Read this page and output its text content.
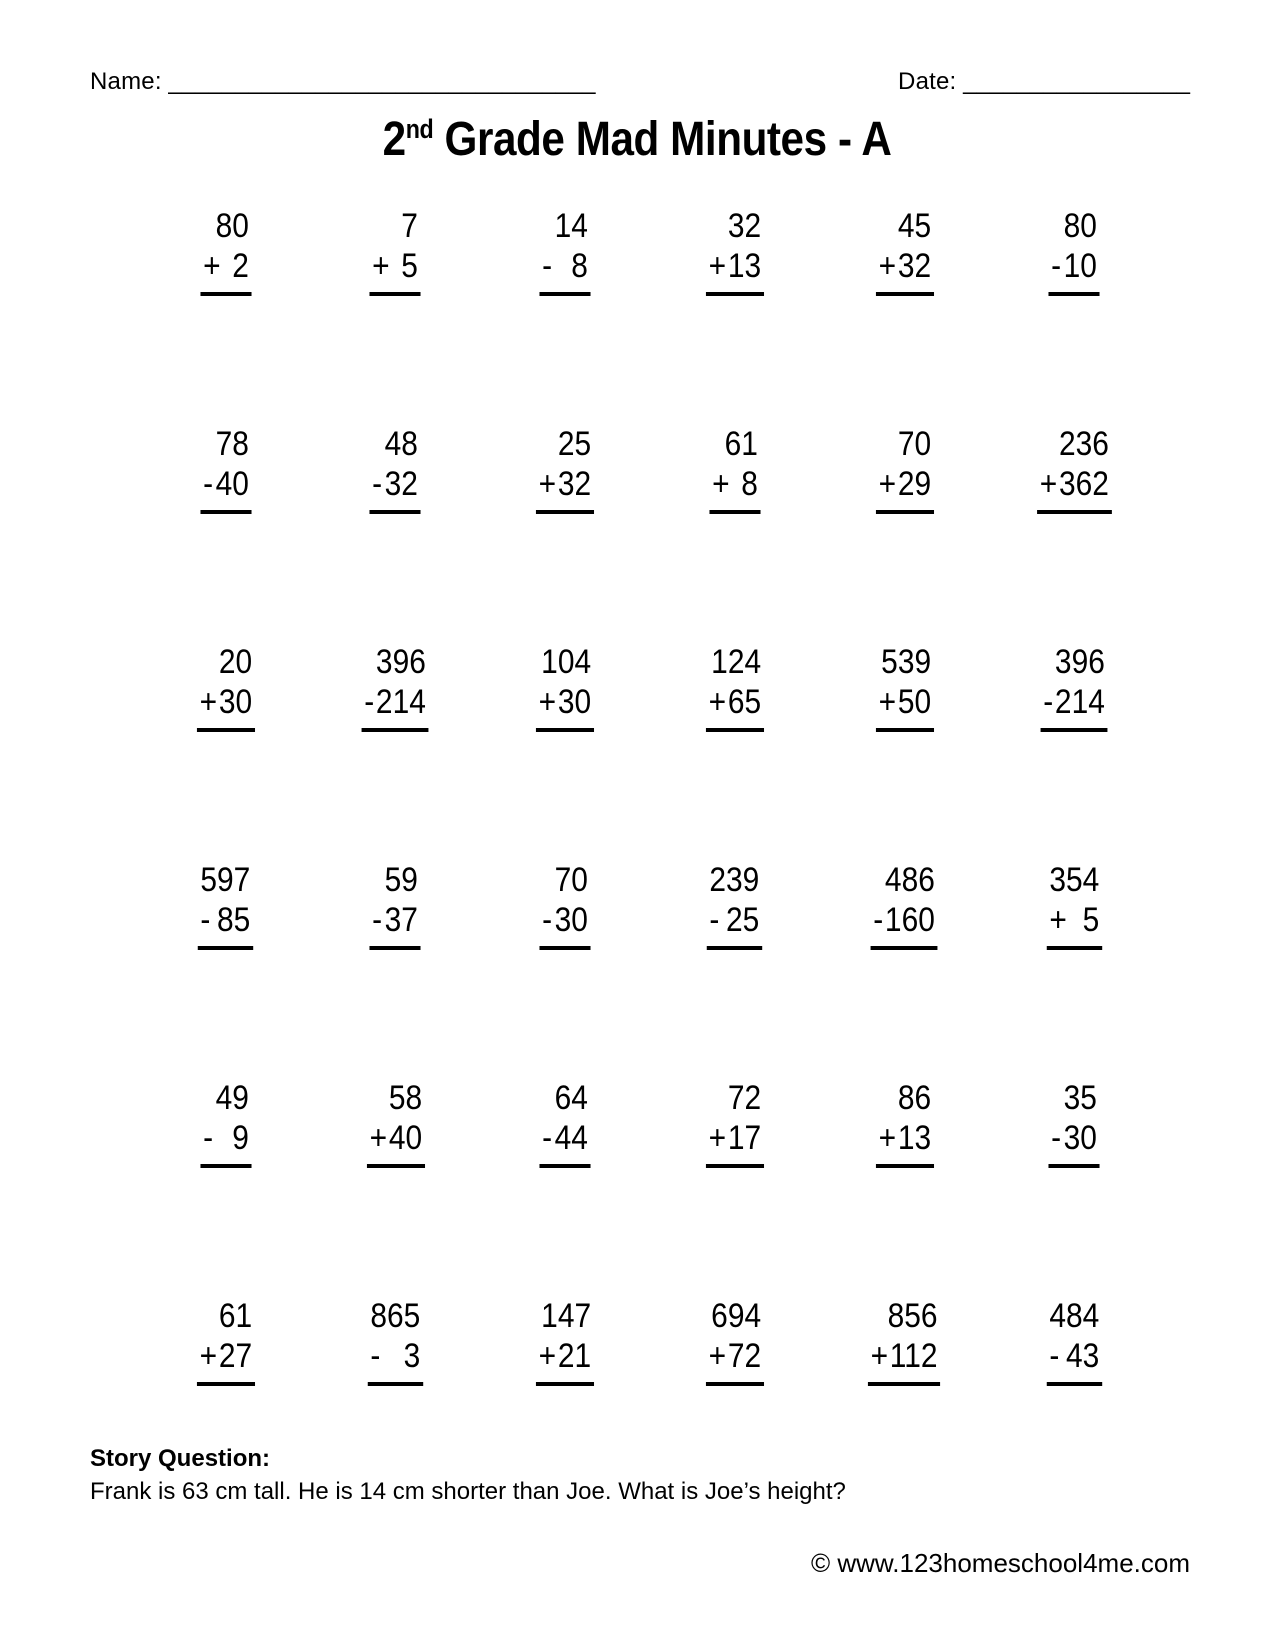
Name: ________________________________	Date: _________________
2nd Grade Mad Minutes - A
80
+ 2
7
+ 5
14
- 8
32
+ 13
45
+ 32
80
- 10
78
- 40
48
- 32
25
+ 32
61
+ 8
70
+ 29
236
+ 362
20
+ 30
396
- 214
104
+ 30
124
+ 65
539
+ 50
396
- 214
597
- 85
59
- 37
70
- 30
239
- 25
486
- 160
354
+ 5
49
- 9
58
+ 40
64
- 44
72
+ 17
86
+ 13
35
- 30
61
+ 27
865
- 3
147
+ 21
694
+ 72
856
+ 112
484
- 43
Story Question:
Frank is 63 cm tall. He is 14 cm shorter than Joe. What is Joe’s height?
© www.123homeschool4me.com
